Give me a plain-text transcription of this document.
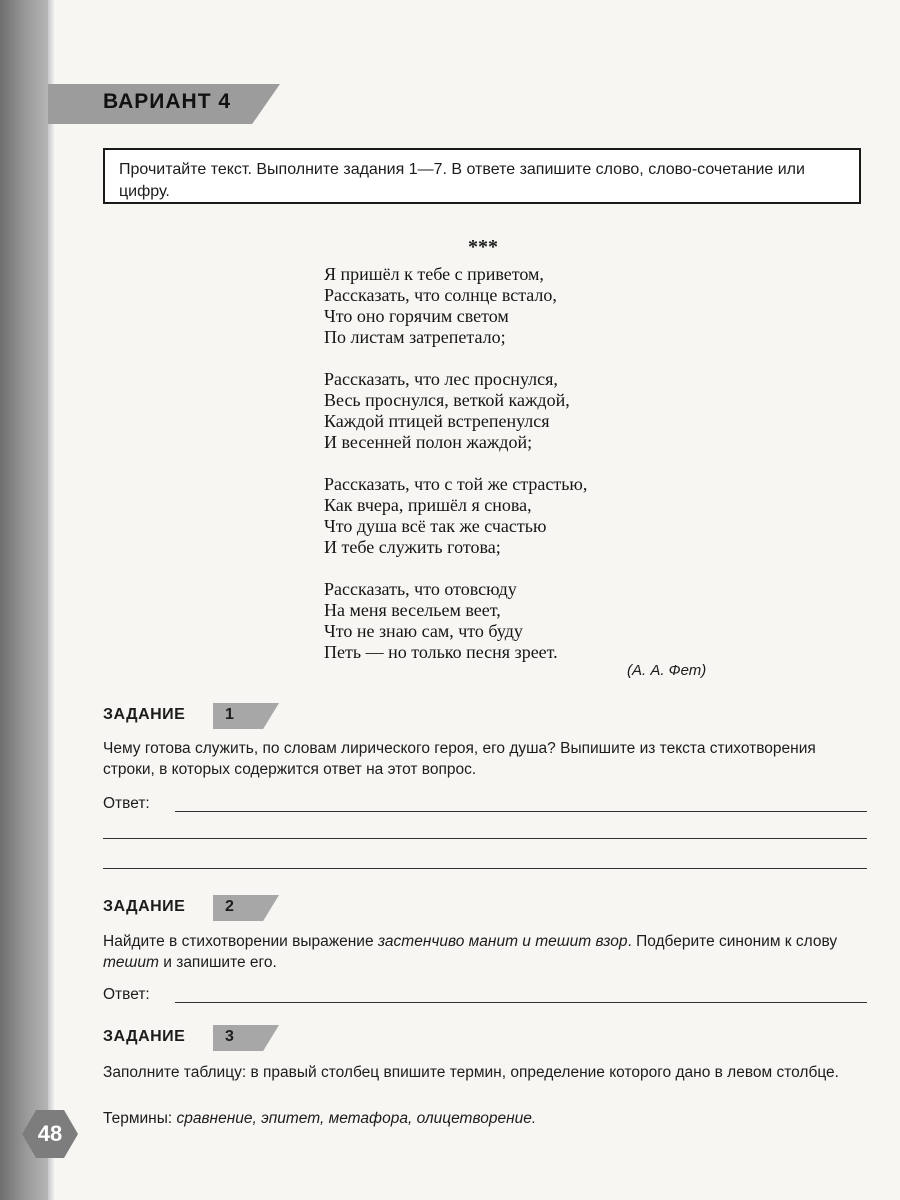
ВАРИАНТ 4
Прочитайте текст. Выполните задания 1—7. В ответе запишите слово, слово-сочетание или цифру.
***
Я пришёл к тебе с приветом,
Рассказать, что солнце встало,
Что оно горячим светом
По листам затрепетало;
Рассказать, что лес проснулся,
Весь проснулся, веткой каждой,
Каждой птицей встрепенулся
И весенней полон жаждой;
Рассказать, что с той же страстью,
Как вчера, пришёл я снова,
Что душа всё так же счастью
И тебе служить готова;
Рассказать, что отовсюду
На меня весельем веет,
Что не знаю сам, что буду
Петь — но только песня зреет.
(А. А. Фет)
ЗАДАНИЕ 1
Чему готова служить, по словам лирического героя, его душа? Выпишите из текста стихотворения строки, в которых содержится ответ на этот вопрос.
Ответ:
ЗАДАНИЕ 2
Найдите в стихотворении выражение застенчиво манит и тешит взор. Подберите синоним к слову тешит и запишите его.
Ответ:
ЗАДАНИЕ 3
Заполните таблицу: в правый столбец впишите термин, определение которого дано в левом столбце.
Термины: сравнение, эпитет, метафора, олицетворение.
48
